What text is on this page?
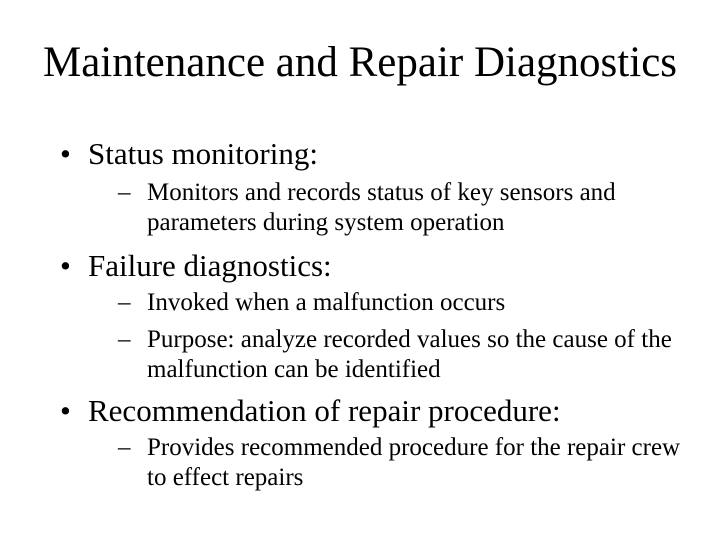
Maintenance and Repair Diagnostics
• Status monitoring:
– Monitors and records status of key sensors and parameters during system operation
• Failure diagnostics:
– Invoked when a malfunction occurs
– Purpose: analyze recorded values so the cause of the malfunction can be identified
• Recommendation of repair procedure:
– Provides recommended procedure for the repair crew to effect repairs
